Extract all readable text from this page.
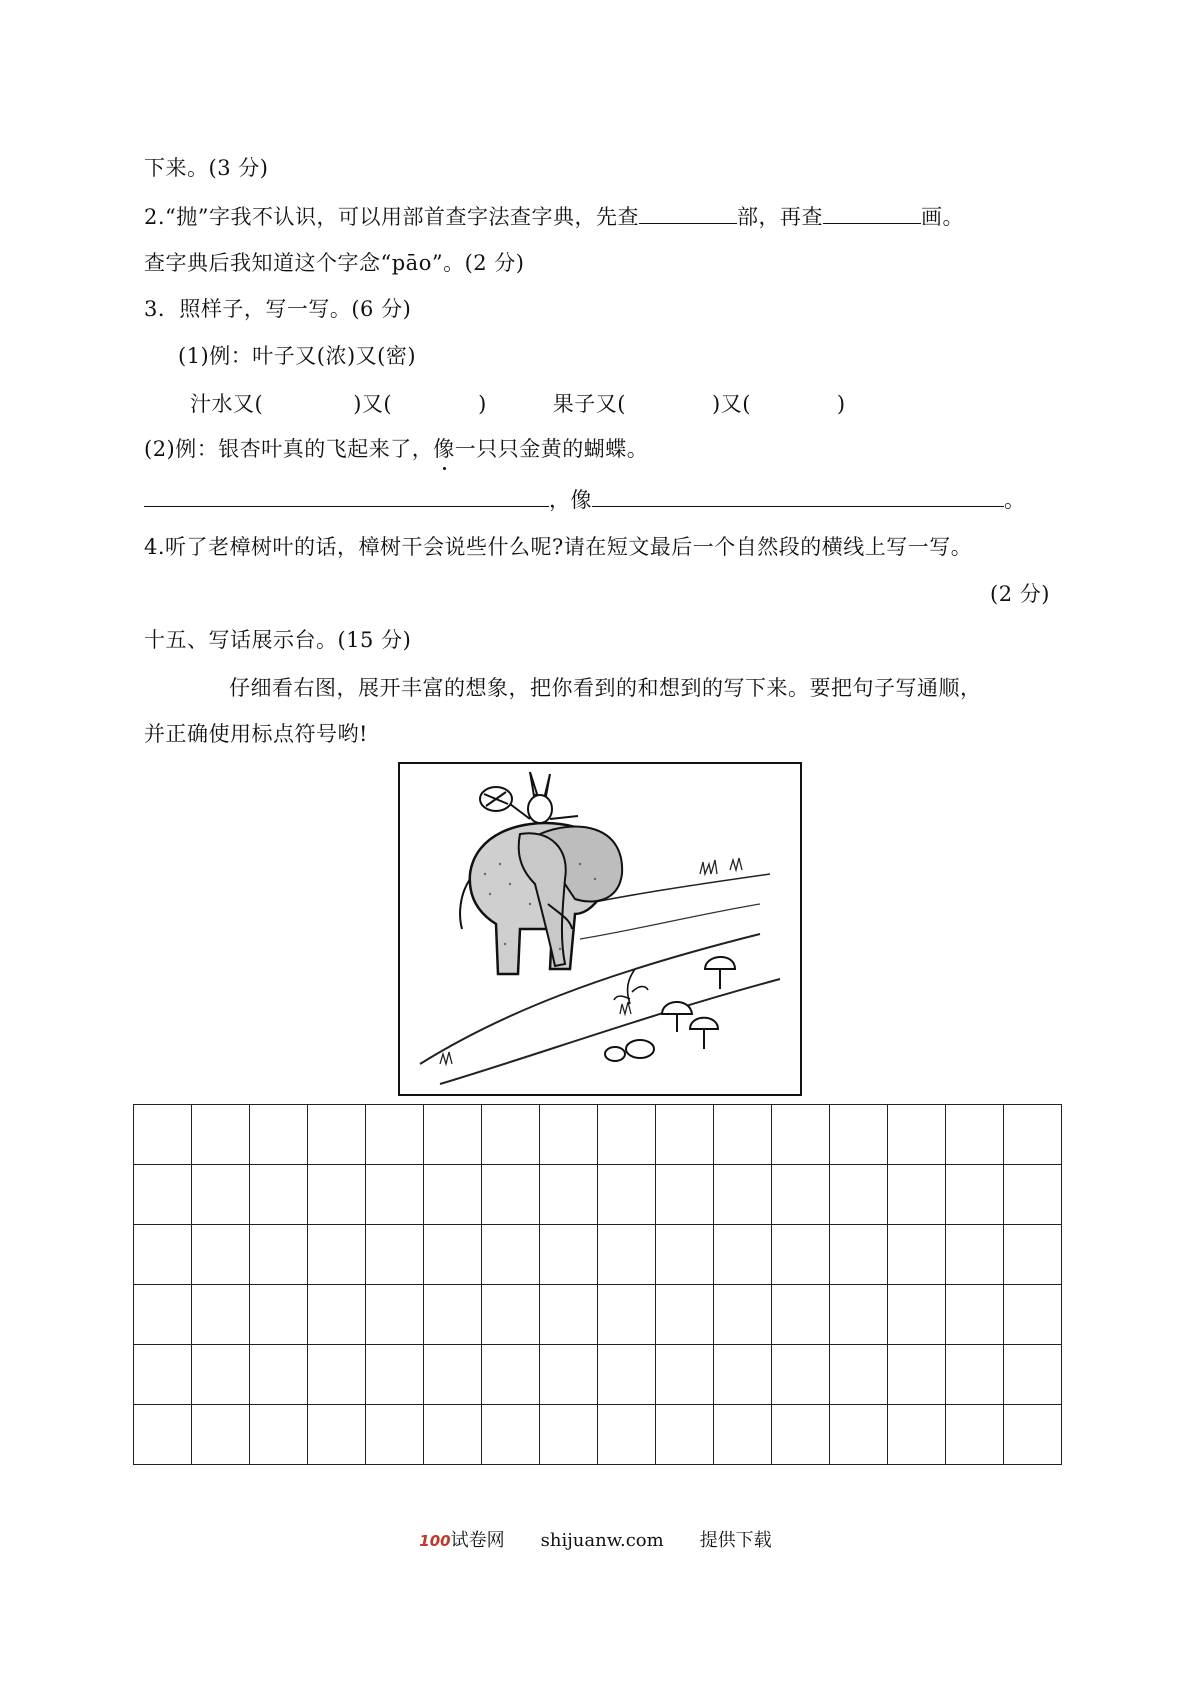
下来。(3 分)
2.“抛”字我不认识，可以用部首查字法查字典，先查	部，再查	画。
查字典后我知道这个字念“pāo”。(2 分)
3．照样子，写一写。(6 分)
(1)例：叶子又(浓)又(密)
汁水又(	)又(	)	果子又(	)又(	)
(2)例：银杏叶真的飞起来了，像一只只金黄的蝴蝶。
，像	。
4.听了老樟树叶的话，樟树干会说些什么呢?请在短文最后一个自然段的横线上写一写。
(2 分)
十五、写话展示台。(15 分)
仔细看右图，展开丰富的想象，把你看到的和想到的写下来。要把句子写通顺，
并正确使用标点符号哟!

100试卷网 shijuanw.com 提供下载
